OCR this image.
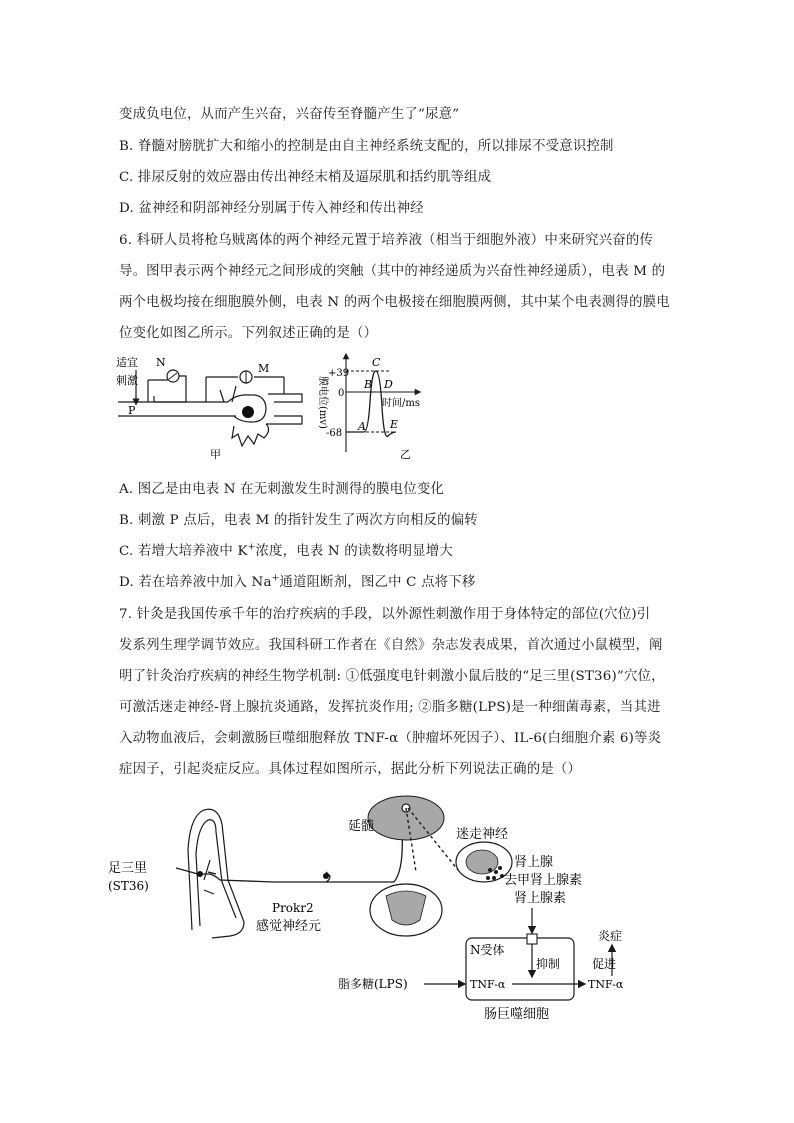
变成负电位，从而产生兴奋，兴奋传至脊髓产生了“尿意”
B. 脊髓对膀胱扩大和缩小的控制是由自主神经系统支配的，所以排尿不受意识控制
C. 排尿反射的效应器由传出神经末梢及逼尿肌和括约肌等组成
D. 盆神经和阴部神经分别属于传入神经和传出神经
6. 科研人员将枪乌贼离体的两个神经元置于培养液（相当于细胞外液）中来研究兴奋的传
导。图甲表示两个神经元之间形成的突触（其中的神经递质为兴奋性神经递质），电表 M 的
两个电极均接在细胞膜外侧，电表 N 的两个电极接在细胞膜两侧，其中某个电表测得的膜电
位变化如图乙所示。下列叙述正确的是（）
适宜
刺激
N	M
P
甲
+39
0
-68
膜电位(mv)	时间/ms
A
B
C
D
E
乙
A. 图乙是由电表 N 在无刺激发生时测得的膜电位变化
B. 刺激 P 点后，电表 M 的指针发生了两次方向相反的偏转
C. 若增大培养液中 K+浓度，电表 N 的读数将明显增大
D. 若在培养液中加入 Na+通道阻断剂，图乙中 C 点将下移
7. 针灸是我国传承千年的治疗疾病的手段，以外源性刺激作用于身体特定的部位(穴位)引
发系列生理学调节效应。我国科研工作者在《自然》杂志发表成果，首次通过小鼠模型，阐
明了针灸治疗疾病的神经生物学机制: ①低强度电针刺激小鼠后肢的“足三里(ST36)”穴位，
可激活迷走神经-肾上腺抗炎通路，发挥抗炎作用; ②脂多糖(LPS)是一种细菌毒素，当其进
入动物血液后，会刺激肠巨噬细胞释放 TNF-α（肿瘤坏死因子）、IL-6(白细胞介素 6)等炎
症因子，引起炎症反应。具体过程如图所示，据此分析下列说法正确的是（）
足三里
(ST36)
Prokr2
感觉神经元
延髓
迷走神经
肾上腺
去甲肾上腺素
肾上腺素
N受体
抑制	促进
炎症
脂多糖(LPS)	TNF-α	TNF-α
肠巨噬细胞
